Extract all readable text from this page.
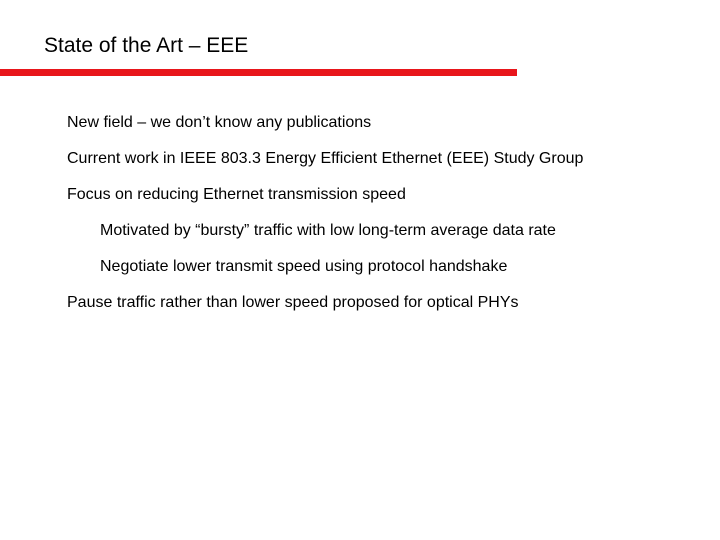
State of the Art – EEE
New field – we don’t know any publications
Current work in IEEE 803.3 Energy Efficient Ethernet (EEE) Study Group
Focus on reducing Ethernet transmission speed
Motivated by “bursty” traffic with low long-term average data rate
Negotiate lower transmit speed using protocol handshake
Pause traffic rather than lower speed proposed for optical PHYs
